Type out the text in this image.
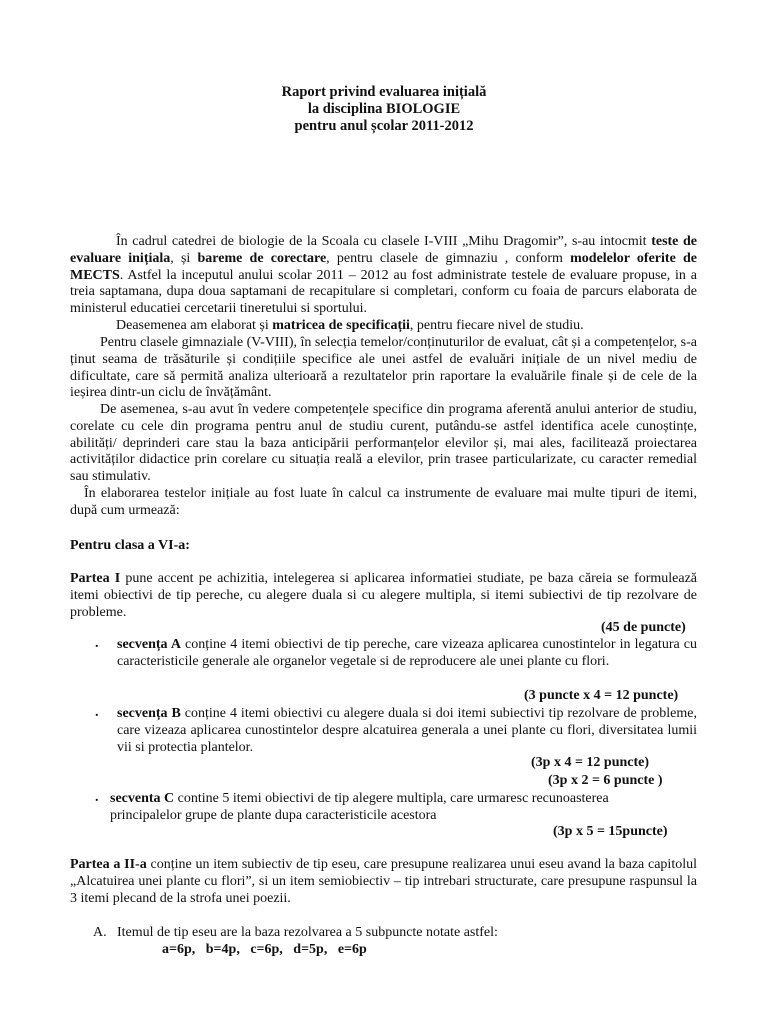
Raport privind evaluarea inițială
la disciplina BIOLOGIE
pentru anul școlar 2011-2012

În cadrul catedrei de biologie de la Scoala cu clasele I-VIII „Mihu Dragomir”, s-au intocmit teste de evaluare inițiala, și bareme de corectare, pentru clasele de gimnaziu , conform modelelor oferite de MECTS. Astfel la inceputul anului scolar 2011 – 2012 au fost administrate testele de evaluare propuse, in a treia saptamana, dupa doua saptamani de recapitulare si completari, conform cu foaia de parcurs elaborata de ministerul educatiei cercetarii tineretului si sportului.

Deasemenea am elaborat și matricea de specificații, pentru fiecare nivel de studiu.

Pentru clasele gimnaziale (V-VIII), în selecția temelor/conținuturilor de evaluat, cât și a competențelor, s-a ținut seama de trăsăturile și condițiile specifice ale unei astfel de evaluări inițiale de un nivel mediu de dificultate, care să permită analiza ulterioară a rezultatelor prin raportare la evaluările finale și de cele de la ieșirea dintr-un ciclu de învățământ.

De asemenea, s-au avut în vedere competențele specifice din programa aferentă anului anterior de studiu, corelate cu cele din programa pentru anul de studiu curent, putându-se astfel identifica acele cunoștințe, abilități/ deprinderi care stau la baza anticipării performanțelor elevilor și, mai ales, facilitează proiectarea activităților didactice prin corelare cu situația reală a elevilor, prin trasee particularizate, cu caracter remedial sau stimulativ.

În elaborarea testelor inițiale au fost luate în calcul ca instrumente de evaluare mai multe tipuri de itemi, după cum urmează:

Pentru clasa a VI-a:

Partea I pune accent pe achizitia, intelegerea si aplicarea informatiei studiate, pe baza căreia se formulează itemi obiectivi de tip pereche, cu alegere duala si cu alegere multipla, si itemi subiectivi de tip rezolvare de probleme.

(45 de puncte)
. secvența A conține 4 itemi obiectivi de tip pereche, care vizeaza aplicarea cunostintelor in legatura cu caracteristicile generale ale organelor vegetale si de reproducere ale unei plante cu flori.

(3 puncte x 4 = 12 puncte)
. secvența B conține 4 itemi obiectivi cu alegere duala si doi itemi subiectivi tip rezolvare de probleme, care vizeaza aplicarea cunostintelor despre alcatuirea generala a unei plante cu flori, diversitatea lumii vii si protectia plantelor.

(3p x 4 = 12 puncte)
(3p x 2 = 6 puncte )
. secventa C contine 5 itemi obiectivi de tip alegere multipla, care urmaresc recunoasterea principalelor grupe de plante dupa caracteristicile acestora

(3p x 5 = 15puncte)

Partea a II-a conține un item subiectiv de tip eseu, care presupune realizarea unui eseu avand la baza capitolul „Alcatuirea unei plante cu flori”, si un item semiobiectiv – tip intrebari structurate, care presupune raspunsul la 3 itemi plecand de la strofa unei poezii.

A. Itemul de tip eseu are la baza rezolvarea a 5 subpuncte notate astfel:
a=6p,   b=4p,   c=6p,   d=5p,   e=6p
